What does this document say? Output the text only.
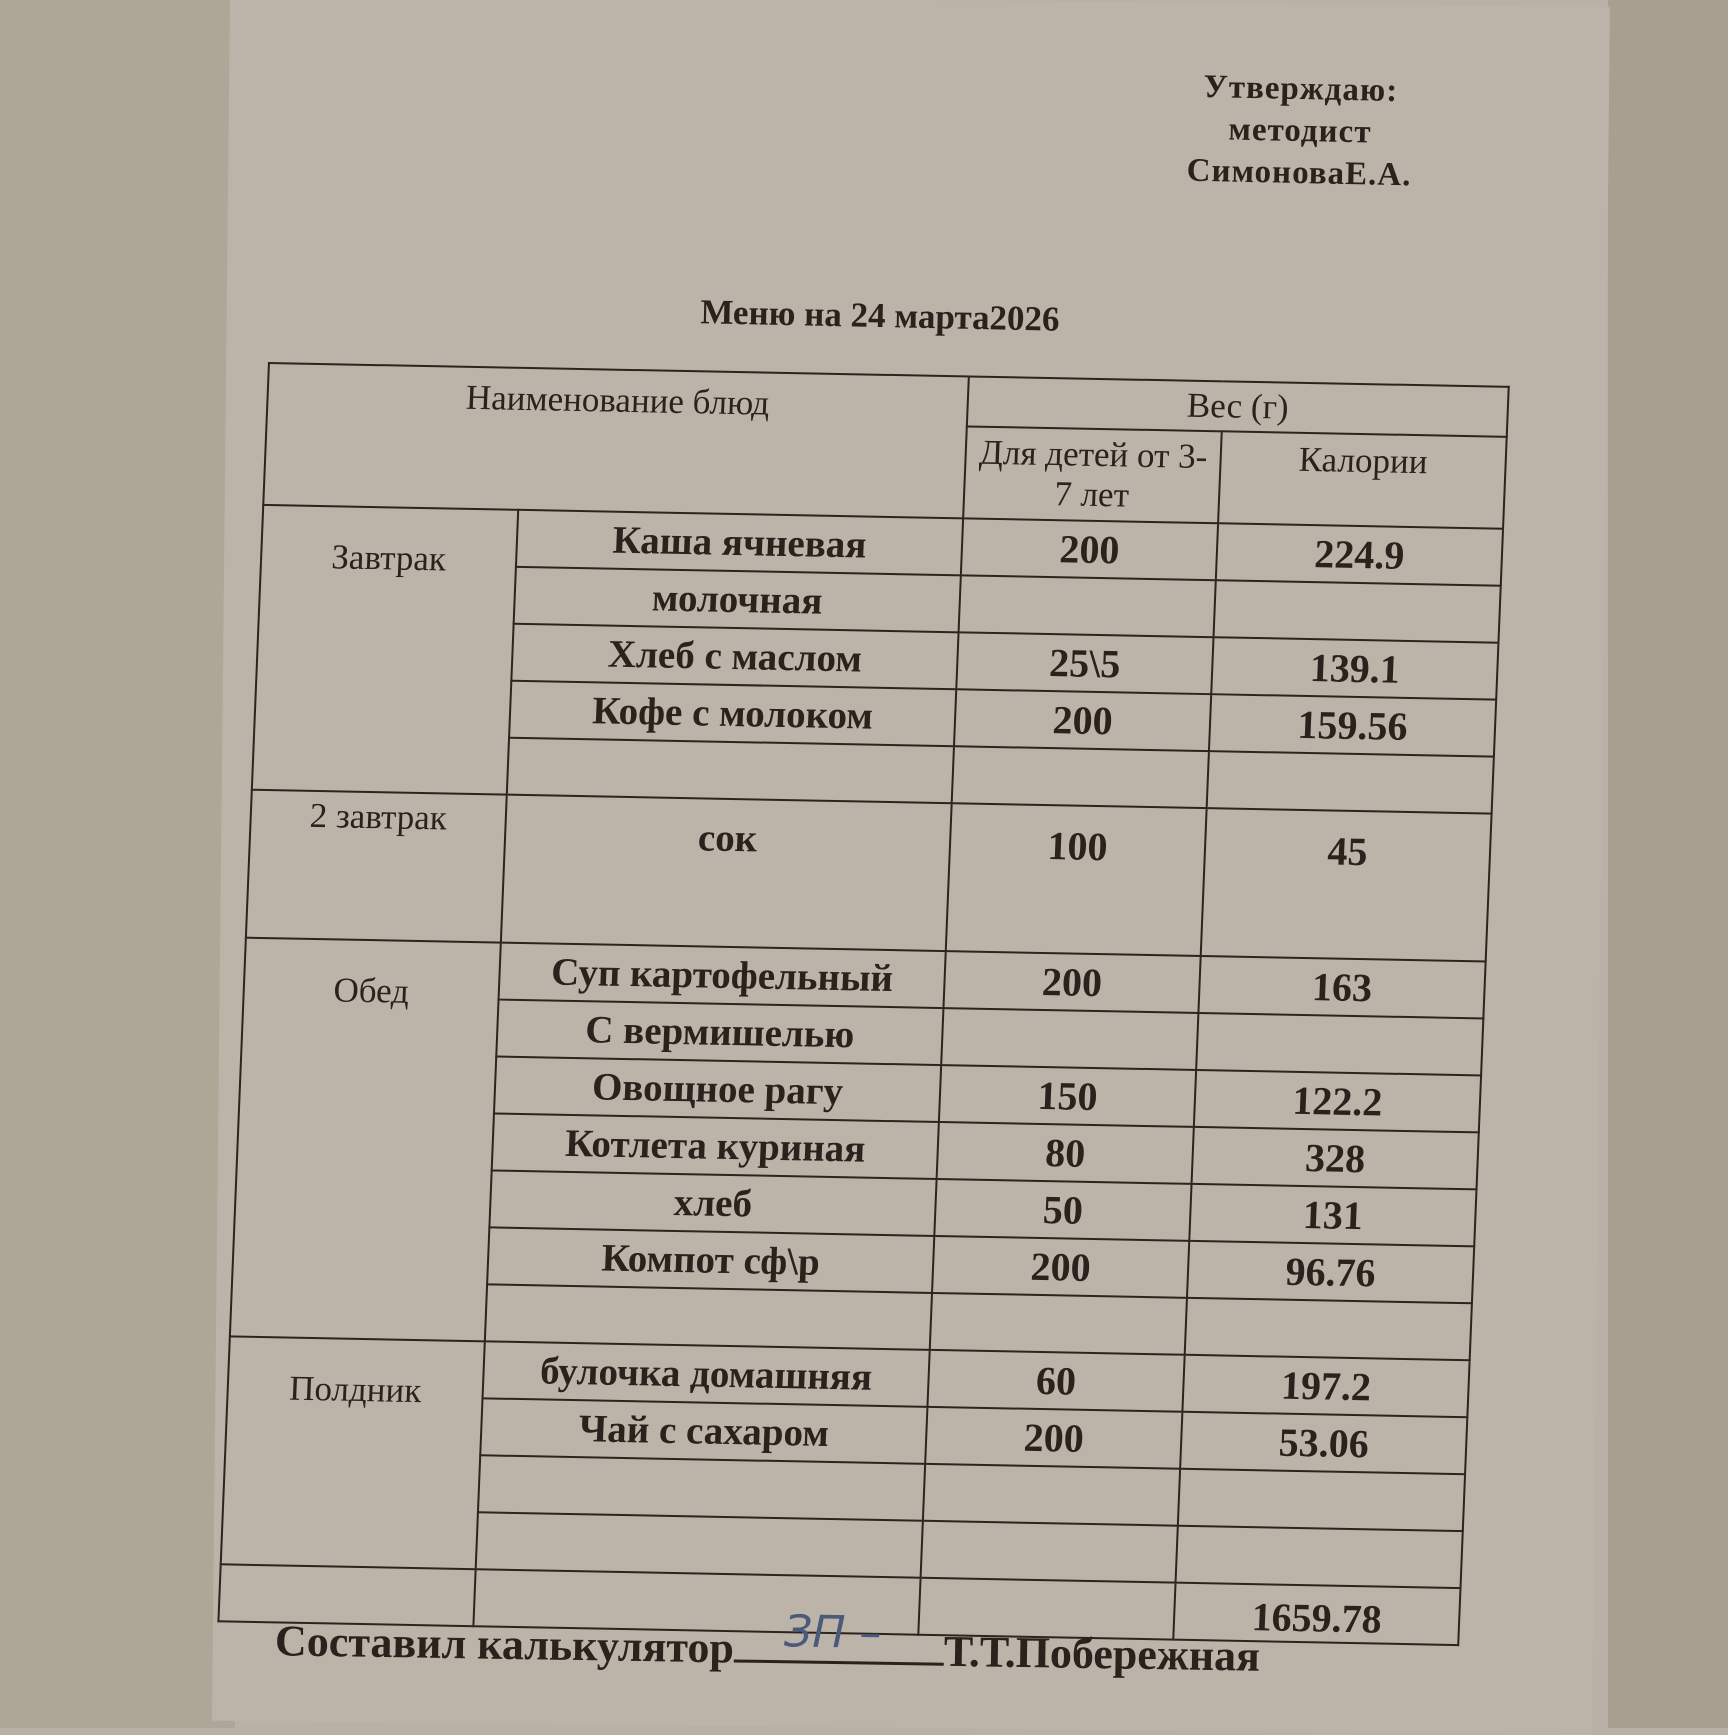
Утверждаю:
методист
СимоноваЕ.А.
Меню на 24 марта2026
Наименование блюд		Вес (г)	
		Для детей от 3-7 лет	Калории
Завтрак	Каша ячневая	200	224.9
	молочная		
	Хлеб с маслом	25\5	139.1
	Кофе с молоком	200	159.56

2 завтрак	сок	100	45
Обед	Суп картофельный	200	163
	С вермишелью		
	Овощное рагу	150	122.2
	Котлета куриная	80	328
	хлеб	50	131
	Компот сф\р	200	96.76

Полдник	булочка домашняя	60	197.2
	Чай с сахаром	200	53.06

			1659.78
Составил калькулятор ЗП – Т.Т.Побережная
